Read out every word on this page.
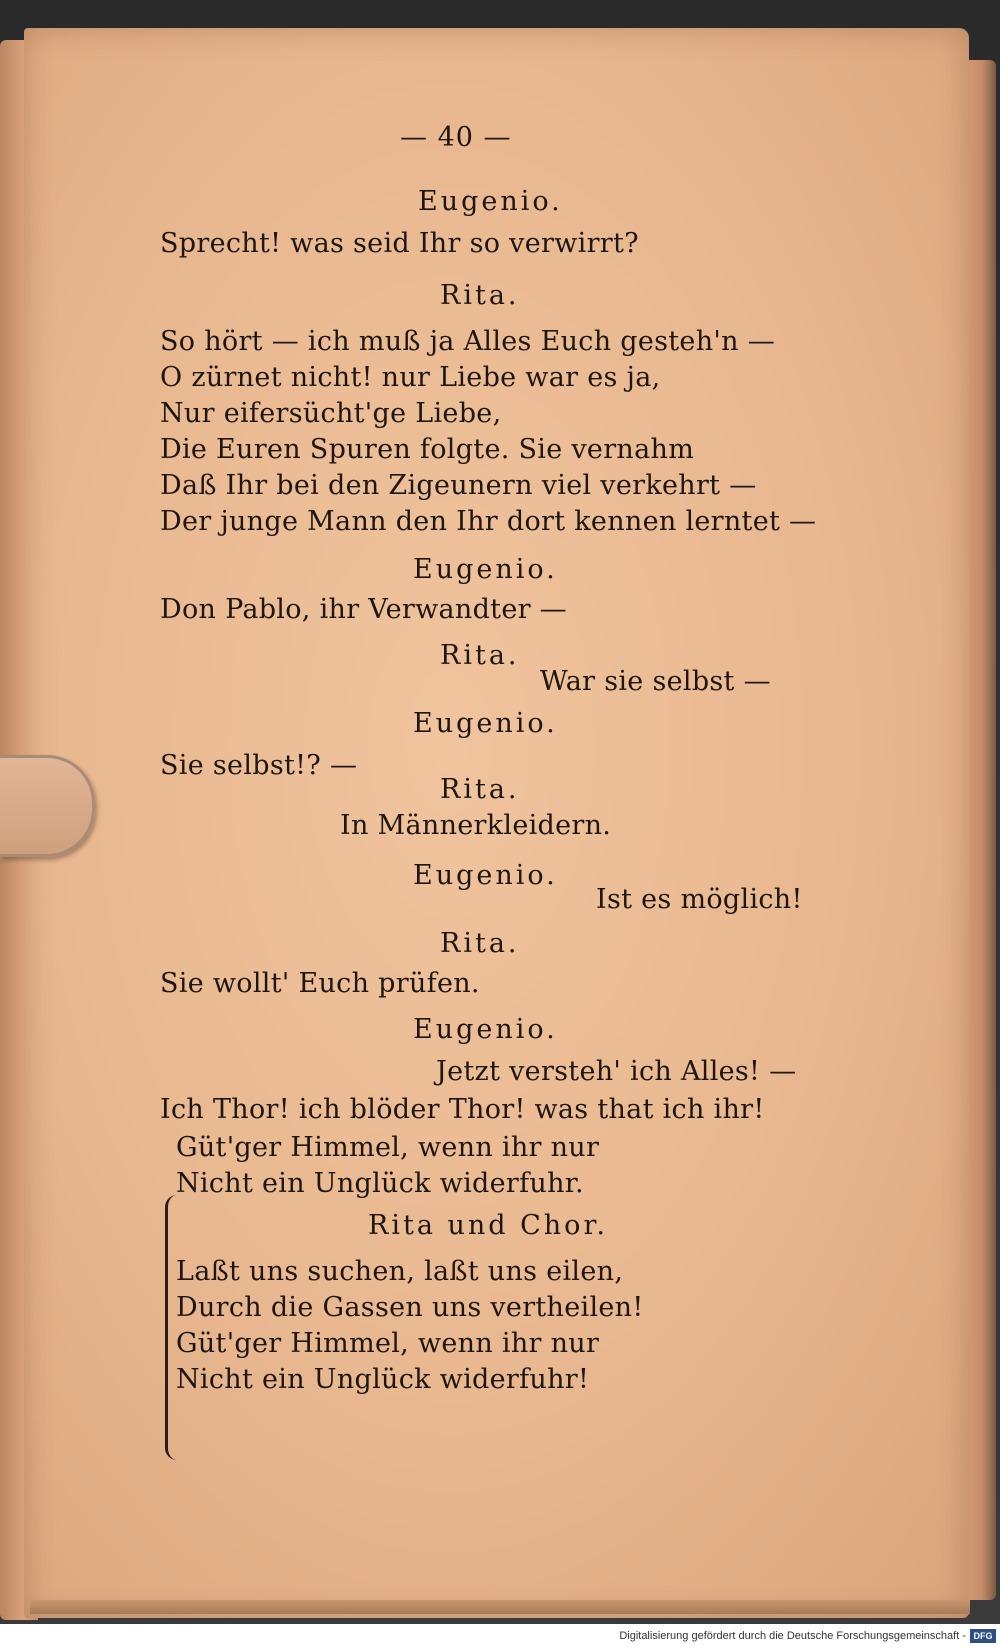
— 40 —
Eugenio.
Sprecht! was seid Ihr so verwirrt?
Rita.
So hört — ich muß ja Alles Euch gesteh'n —
O zürnet nicht! nur Liebe war es ja,
Nur eifersücht'ge Liebe,
Die Euren Spuren folgte. Sie vernahm
Daß Ihr bei den Zigeunern viel verkehrt —
Der junge Mann den Ihr dort kennen lerntet —
Eugenio.
Don Pablo, ihr Verwandter —
Rita.
War sie selbst —
Eugenio.
Sie selbst!? —
Rita.
In Männerkleidern.
Eugenio.
Ist es möglich!
Rita.
Sie wollt' Euch prüfen.
Eugenio.
Jetzt versteh' ich Alles! —
Ich Thor! ich blöder Thor! was that ich ihr!
Güt'ger Himmel, wenn ihr nur
Nicht ein Unglück widerfuhr.
Rita und Chor.
Laßt uns suchen, laßt uns eilen,
Durch die Gassen uns vertheilen!
Güt'ger Himmel, wenn ihr nur
Nicht ein Unglück widerfuhr!
Digitalisierung gefördert durch die Deutsche Forschungsgemeinschaft - DFG
